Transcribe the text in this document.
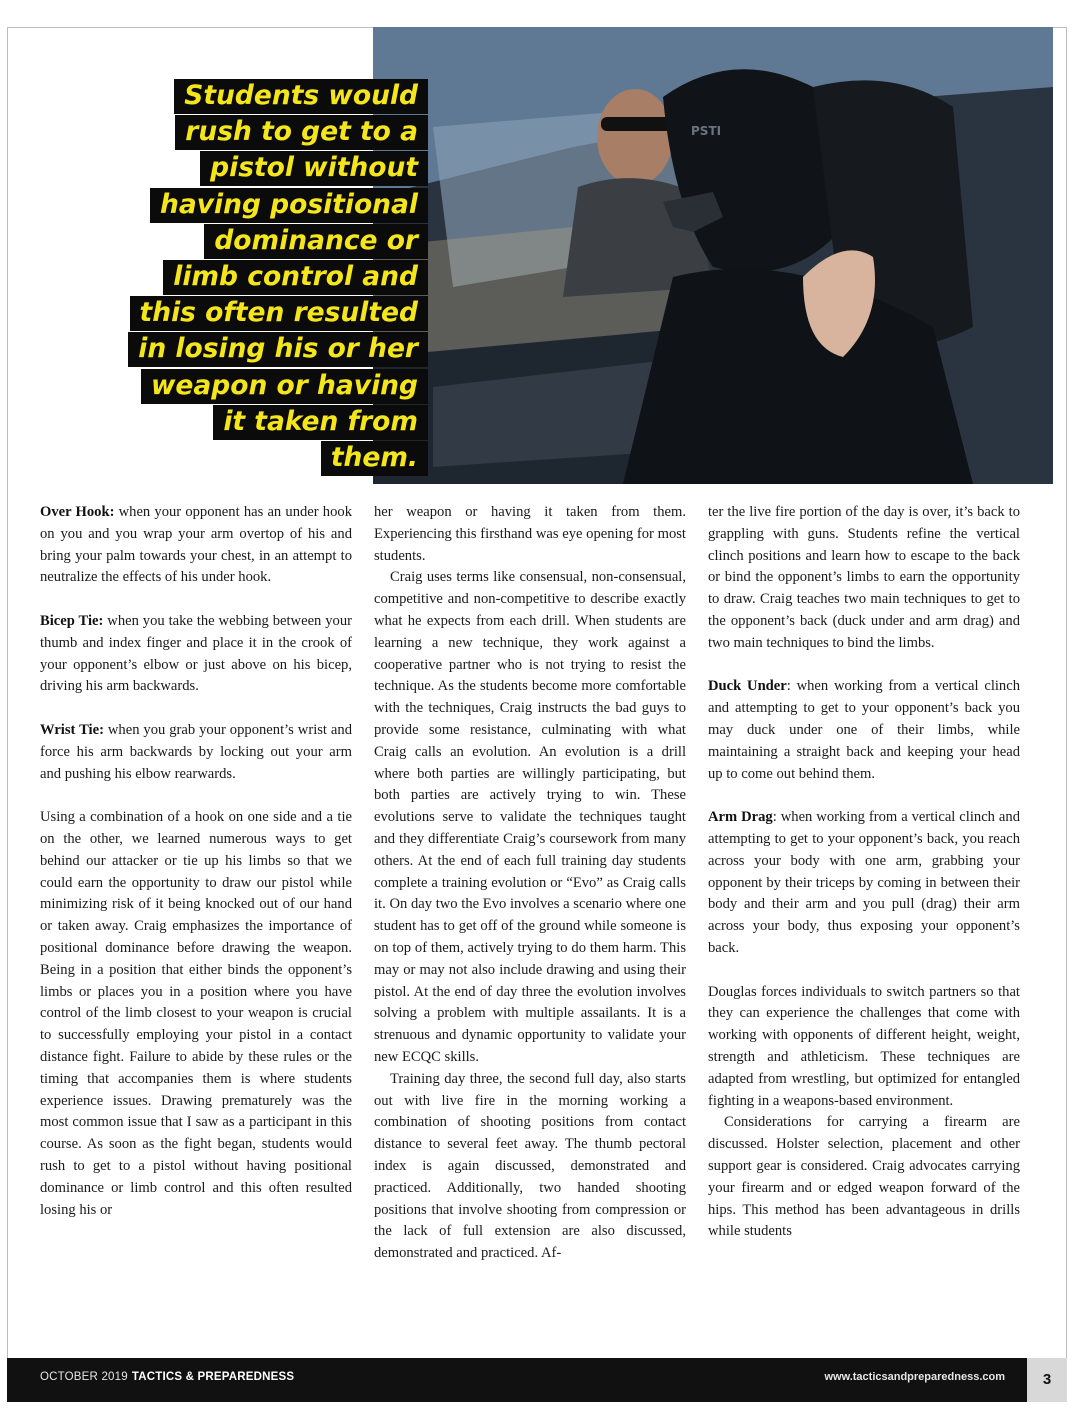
PSTI
Students would
rush to get to a
pistol without
having positional
dominance or
limb control and
this often resulted
in losing his or her
weapon or having
it taken from them.

Over Hook: when your opponent has an under hook on you and you wrap your arm overtop of his and bring your palm towards your chest, in an attempt to neutralize the effects of his under hook.

Bicep Tie: when you take the webbing between your thumb and index finger and place it in the crook of your opponent’s elbow or just above on his bicep, driving his arm backwards.

Wrist Tie: when you grab your opponent’s wrist and force his arm backwards by locking out your arm and pushing his elbow rearwards.

Using a combination of a hook on one side and a tie on the other, we learned numerous ways to get behind our attacker or tie up his limbs so that we could earn the opportunity to draw our pistol while minimizing risk of it being knocked out of our hand or taken away. Craig emphasizes the importance of positional dominance before drawing the weapon. Being in a position that either binds the opponent’s limbs or places you in a position where you have control of the limb closest to your weapon is crucial to successfully employing your pistol in a contact distance fight. Failure to abide by these rules or the timing that accompanies them is where students experience issues. Drawing prematurely was the most common issue that I saw as a participant in this course. As soon as the fight began, students would rush to get to a pistol without having positional dominance or limb control and this often resulted losing his or

her weapon or having it taken from them. Experiencing this firsthand was eye opening for most students.

Craig uses terms like consensual, non-consensual, competitive and non-competitive to describe exactly what he expects from each drill. When students are learning a new technique, they work against a cooperative partner who is not trying to resist the technique. As the students become more comfortable with the techniques, Craig instructs the bad guys to provide some resistance, culminating with what Craig calls an evolution. An evolution is a drill where both parties are willingly participating, but both parties are actively trying to win. These evolutions serve to validate the techniques taught and they differentiate Craig’s coursework from many others. At the end of each full training day students complete a training evolution or “Evo” as Craig calls it. On day two the Evo involves a scenario where one student has to get off of the ground while someone is on top of them, actively trying to do them harm. This may or may not also include drawing and using their pistol. At the end of day three the evolution involves solving a problem with multiple assailants. It is a strenuous and dynamic opportunity to validate your new ECQC skills.

Training day three, the second full day, also starts out with live fire in the morning working a combination of shooting positions from contact distance to several feet away. The thumb pectoral index is again discussed, demonstrated and practiced. Additionally, two handed shooting positions that involve shooting from compression or the lack of full extension are also discussed, demonstrated and practiced. Af-

ter the live fire portion of the day is over, it’s back to grappling with guns. Students refine the vertical clinch positions and learn how to escape to the back or bind the opponent’s limbs to earn the opportunity to draw. Craig teaches two main techniques to get to the opponent’s back (duck under and arm drag) and two main techniques to bind the limbs.

Duck Under: when working from a vertical clinch and attempting to get to your opponent’s back you may duck under one of their limbs, while maintaining a straight back and keeping your head up to come out behind them.

Arm Drag: when working from a vertical clinch and attempting to get to your opponent’s back, you reach across your body with one arm, grabbing your opponent by their triceps by coming in between their body and their arm and you pull (drag) their arm across your body, thus exposing your opponent’s back.

Douglas forces individuals to switch partners so that they can experience the challenges that come with working with opponents of different height, weight, strength and athleticism. These techniques are adapted from wrestling, but optimized for entangled fighting in a weapons-based environment.

Considerations for carrying a firearm are discussed. Holster selection, placement and other support gear is considered. Craig advocates carrying your firearm and or edged weapon forward of the hips. This method has been advantageous in drills while students

OCTOBER 2019 TACTICS & PREPAREDNESS	www.tacticsandpreparedness.com	3
